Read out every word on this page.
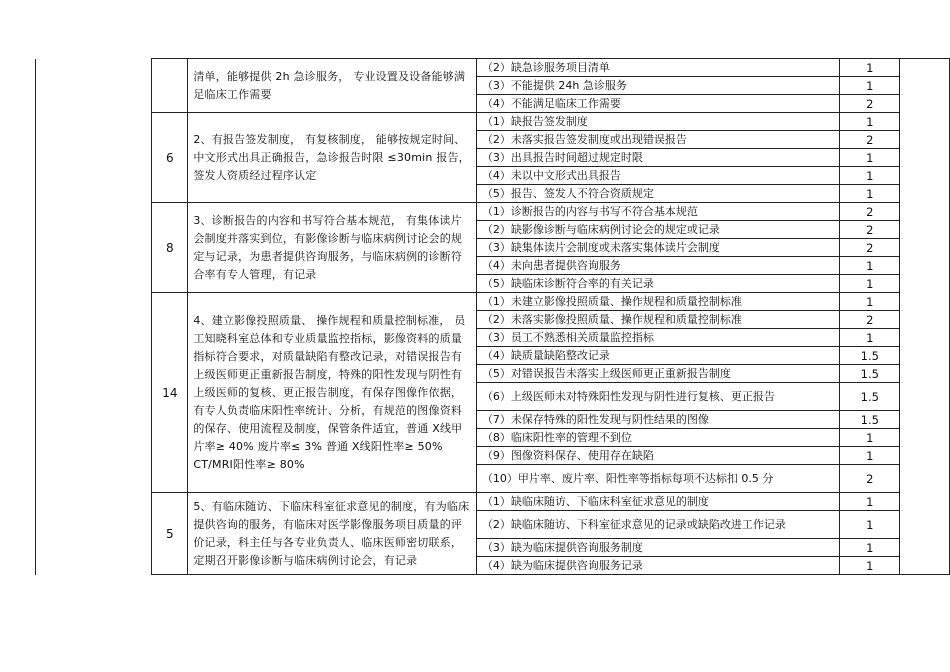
		清单，能够提供 2h 急诊服务， 专业设置及设备能够满足临床工作需要	（2）缺急诊服务项目清单	1	
			（3）不能提供 24h 急诊服务	1	
			（4）不能满足临床工作需要	2	
	6	2、有报告签发制度， 有复核制度， 能够按规定时间、中文形式出具正确报告，急诊报告时限 ≤30min 报告，签发人资质经过程序认定	（1）缺报告签发制度	1	
			（2）未落实报告签发制度或出现错误报告	2	
			（3）出具报告时间超过规定时限	1	
			（4）未以中文形式出具报告	1	
			（5）报告、签发人不符合资质规定	1	
	8	3、诊断报告的内容和书写符合基本规范， 有集体读片会制度并落实到位，有影像诊断与临床病例讨论会的规定与记录，为患者提供咨询服务，与临床病例的诊断符合率有专人管理，有记录	（1）诊断报告的内容与书写不符合基本规范	2	
			（2）缺影像诊断与临床病例讨论会的规定或记录	2	
			（3）缺集体读片会制度或未落实集体读片会制度	2	
			（4）未向患者提供咨询服务	1	
			（5）缺临床诊断符合率的有关记录	1	
	14	4、建立影像投照质量、 操作规程和质量控制标准， 员工知晓科室总体和专业质量监控指标，影像资料的质量指标符合要求，对质量缺陷有整改记录，对错误报告有上级医师更正重新报告制度，特殊的阳性发现与阴性有上级医师的复核、更正报告制度，有保存图像作依据，有专人负责临床阳性率统计、分析，有规范的图像资料的保存、使用流程及制度，保管条件适宜，普通 X线甲片率≥ 40% 废片率≤ 3% 普通 X线阳性率≥ 50% CT/MRI阳性率≥ 80%	（1）未建立影像投照质量、操作规程和质量控制标准	1	
			（2）未落实影像投照质量、操作规程和质量控制标准	2	
			（3）员工不熟悉相关质量监控指标	1	
			（4）缺质量缺陷整改记录	1.5	
			（5）对错误报告未落实上级医师更正重新报告制度	1.5	
			（6）上级医师未对特殊阳性发现与阴性进行复核、更正报告	1.5	
			（7）未保存特殊的阳性发现与阴性结果的图像	1.5	
			（8）临床阳性率的管理不到位	1	
			（9）图像资料保存、使用存在缺陷	1	
			（10）甲片率、废片率、阳性率等指标每项不达标扣 0.5 分	2	
	5	5、有临床随访、下临床科室征求意见的制度，有为临床提供咨询的服务，有临床对医学影像服务项目质量的评价记录，科主任与各专业负责人、临床医师密切联系，定期召开影像诊断与临床病例讨论会，有记录	（1）缺临床随访、下临床科室征求意见的制度	1	
			（2）缺临床随访、下科室征求意见的记录或缺陷改进工作记录	1	
			（3）缺为临床提供咨询服务制度	1	
			（4）缺为临床提供咨询服务记录	1	
